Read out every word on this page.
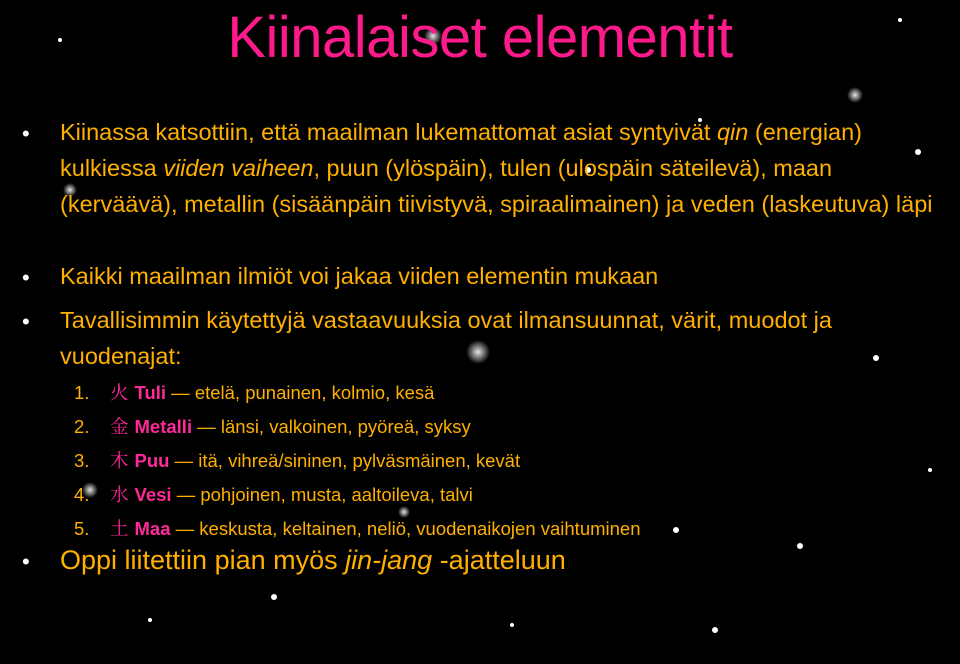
Kiinalaiset elementit
• Kiinassa katsottiin, että maailman lukemattomat asiat syntyivät qin (energian) kulkiessa viiden vaiheen, puun (ylöspäin), tulen (ulospäin säteilevä), maan (kerväävä), metallin (sisäänpäin tiivistyvä, spiraalimainen) ja veden (laskeutuva) läpi
• Kaikki maailman ilmiöt voi jakaa viiden elementin mukaan
• Tavallisimmin käytettyjä vastaavuuksia ovat ilmansuunnat, värit, muodot ja vuodenajat:
1. 火 Tuli — etelä, punainen, kolmio, kesä
2. 金 Metalli — länsi, valkoinen, pyöreä, syksy
3. 木 Puu — itä, vihreä/sininen, pylväsmäinen, kevät
4. 水 Vesi — pohjoinen, musta, aaltoileva, talvi
5. 土 Maa — keskusta, keltainen, neliö, vuodenaikojen vaihtuminen
• Oppi liitettiin pian myös jin-jang -ajatteluun
